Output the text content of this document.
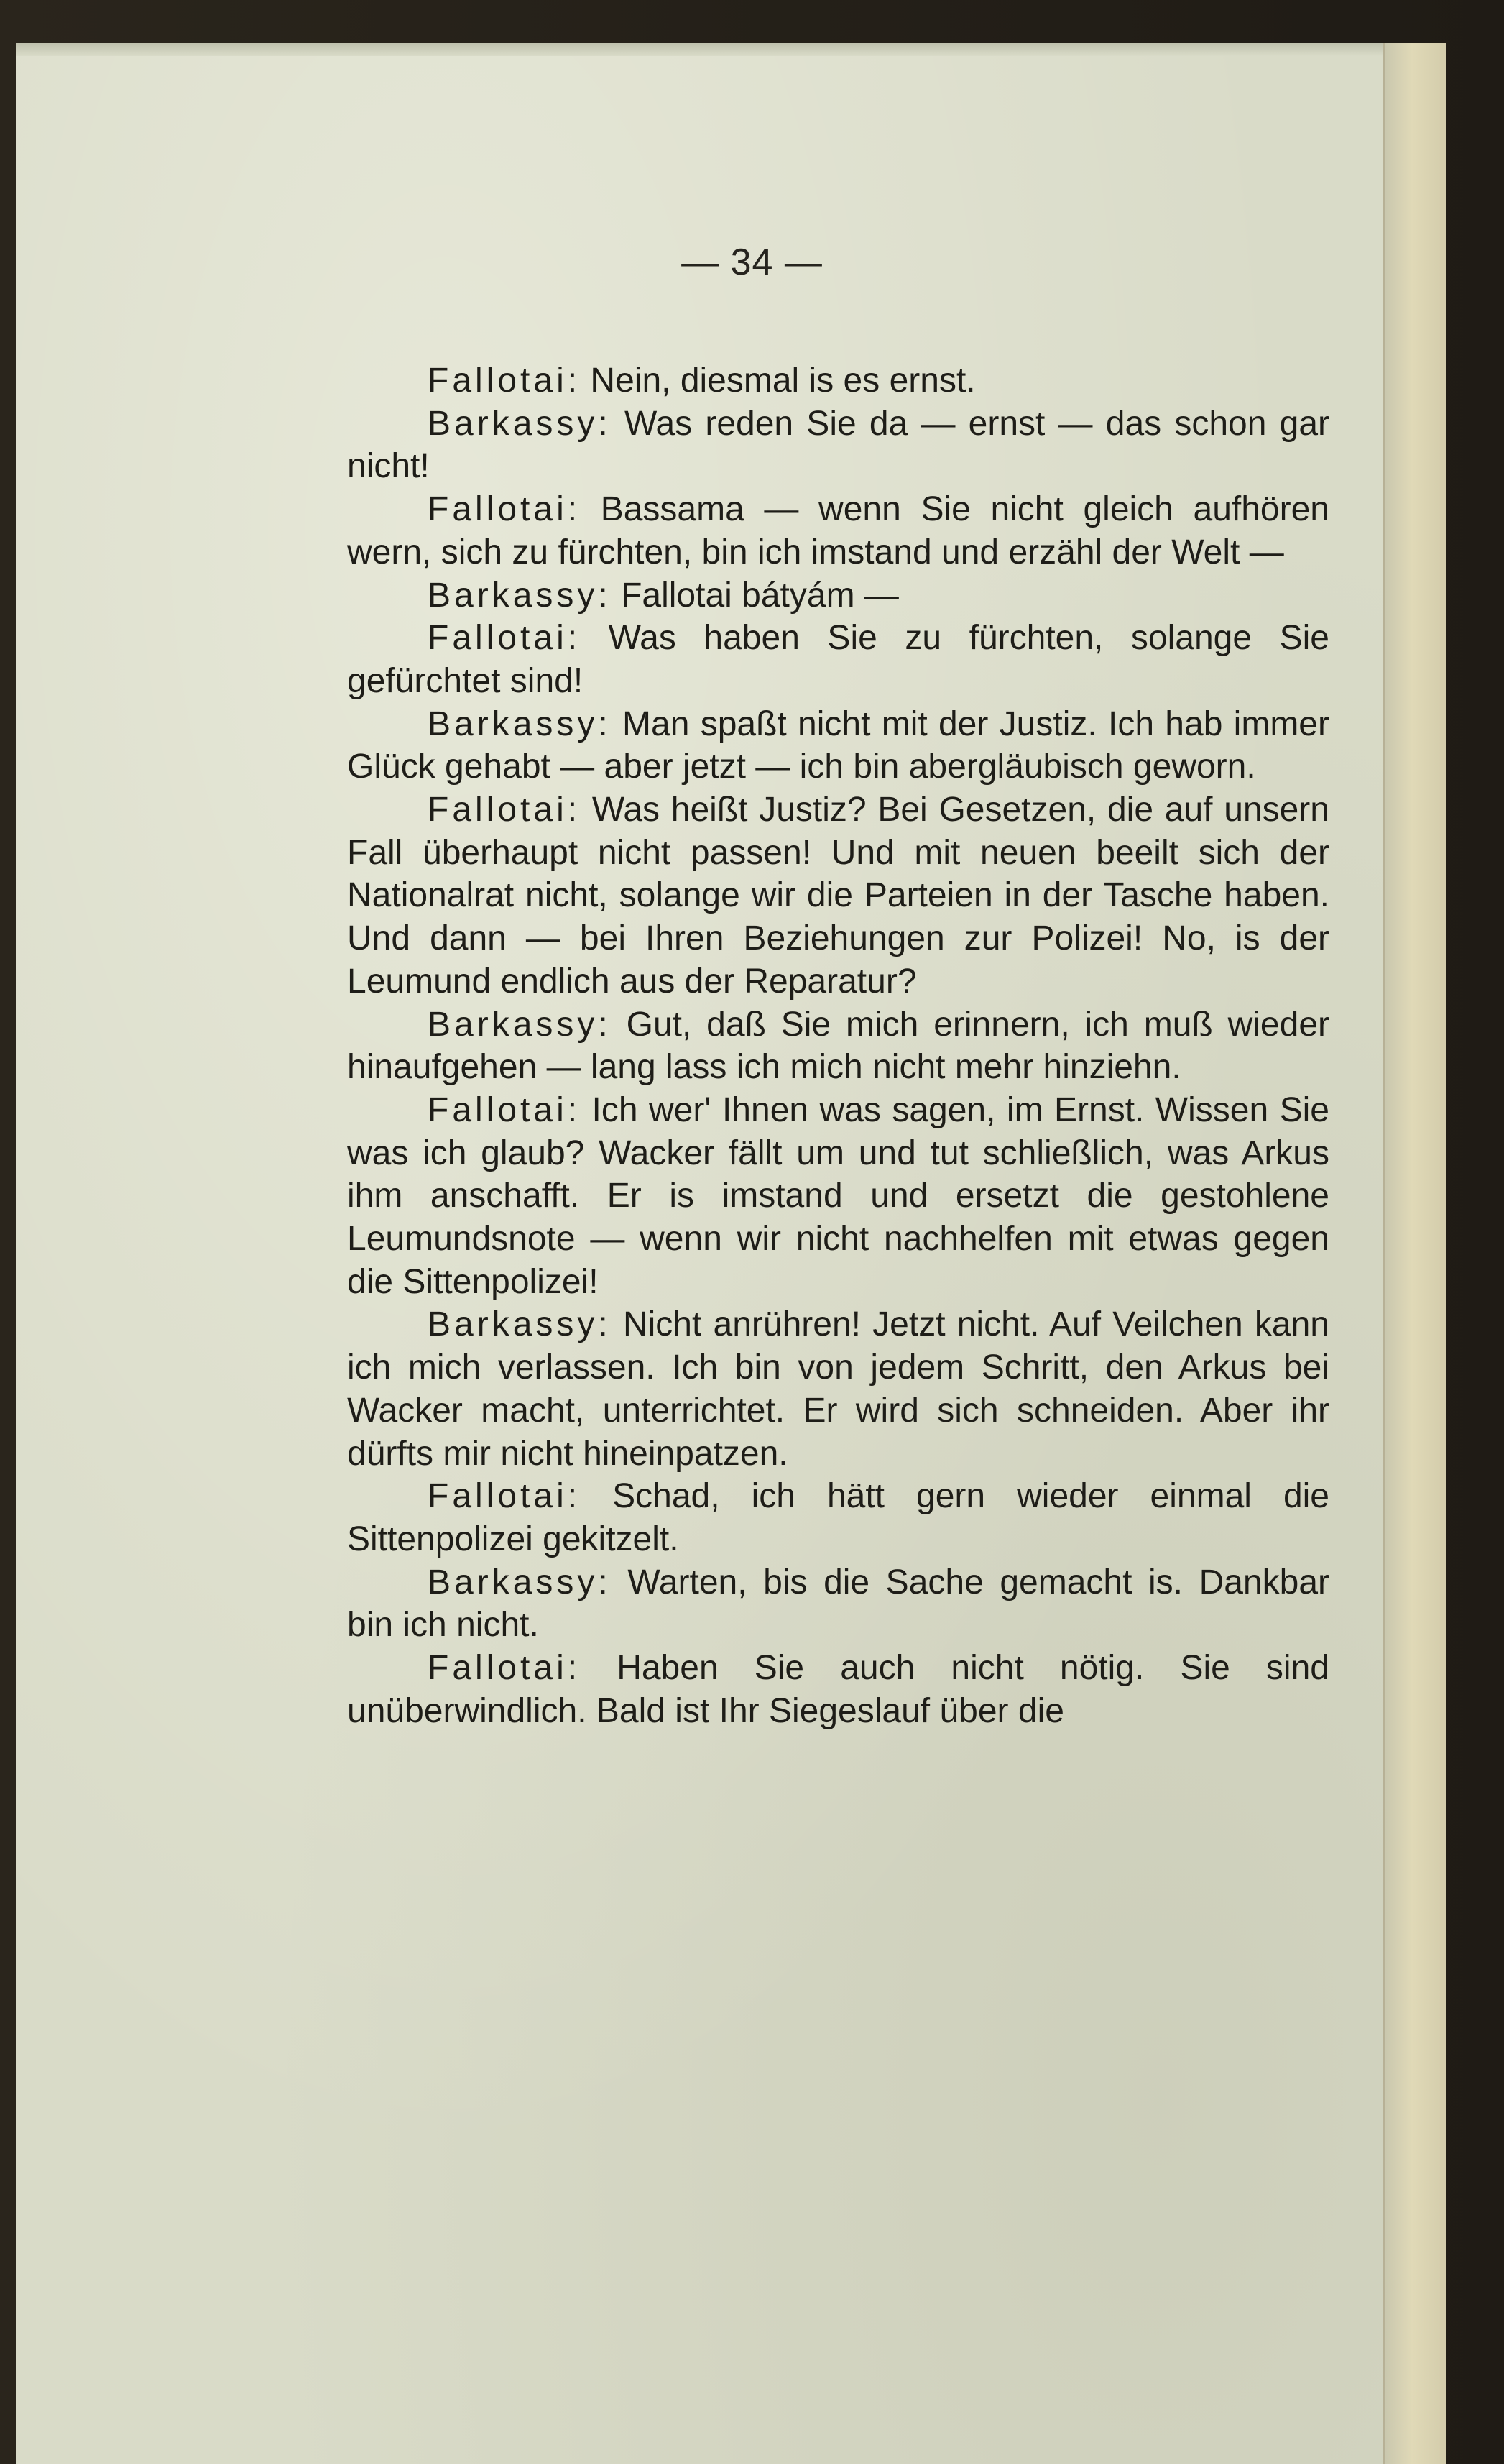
— 34 —

Fallotai: Nein, diesmal is es ernst.

Barkassy: Was reden Sie da — ernst — das schon gar nicht!

Fallotai: Bassama — wenn Sie nicht gleich aufhören wern, sich zu fürchten, bin ich imstand und erzähl der Welt —

Barkassy: Fallotai bátyám —

Fallotai: Was haben Sie zu fürchten, solange Sie gefürchtet sind!

Barkassy: Man spaßt nicht mit der Justiz. Ich hab immer Glück gehabt — aber jetzt — ich bin abergläubisch geworn.

Fallotai: Was heißt Justiz? Bei Gesetzen, die auf unsern Fall überhaupt nicht passen! Und mit neuen beeilt sich der Nationalrat nicht, solange wir die Parteien in der Tasche haben. Und dann — bei Ihren Beziehungen zur Polizei! No, is der Leumund endlich aus der Reparatur?

Barkassy: Gut, daß Sie mich erinnern, ich muß wieder hinaufgehen — lang lass ich mich nicht mehr hinziehn.

Fallotai: Ich wer' Ihnen was sagen, im Ernst. Wissen Sie was ich glaub? Wacker fällt um und tut schließlich, was Arkus ihm anschafft. Er is imstand und ersetzt die gestohlene Leumundsnote — wenn wir nicht nachhelfen mit etwas gegen die Sittenpolizei!

Barkassy: Nicht anrühren! Jetzt nicht. Auf Veilchen kann ich mich verlassen. Ich bin von jedem Schritt, den Arkus bei Wacker macht, unterrichtet. Er wird sich schneiden. Aber ihr dürfts mir nicht hineinpatzen.

Fallotai: Schad, ich hätt gern wieder einmal die Sittenpolizei gekitzelt.

Barkassy: Warten, bis die Sache gemacht is. Dankbar bin ich nicht.

Fallotai: Haben Sie auch nicht nötig. Sie sind unüberwindlich. Bald ist Ihr Siegeslauf über die
